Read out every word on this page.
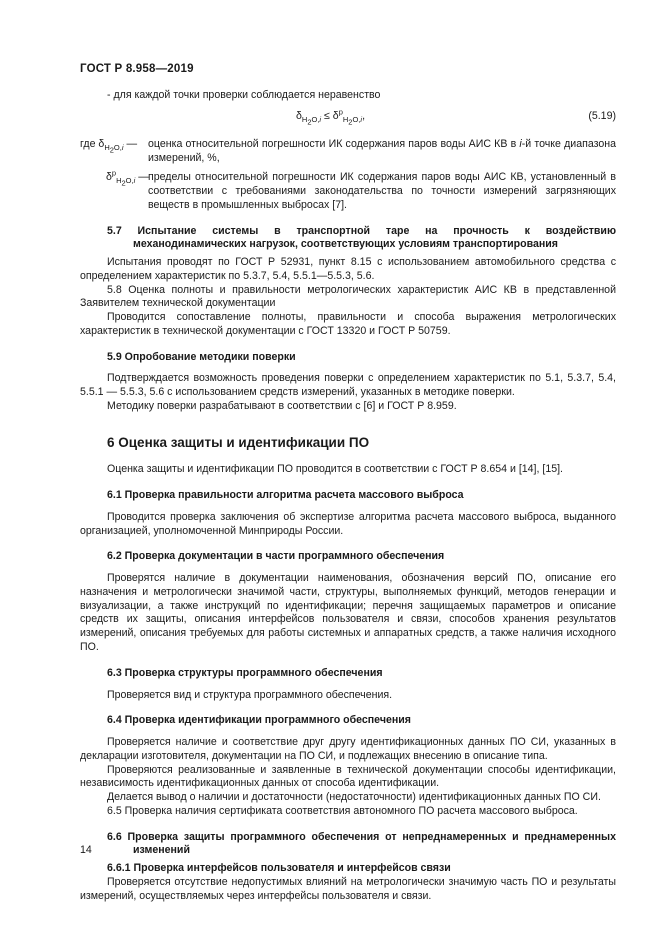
ГОСТ Р 8.958—2019

- для каждой точки проверки соблюдается неравенство

$\delta_{H_2O,i} \le \delta^p_{H_2O,i}$,	(5.19)
где $\delta_{H_2O,i}$ —	оценка относительной погрешности ИК содержания паров воды АИС КВ в i-й точке диапазона измерений, %,
$\delta^p_{H_2O,i}$ — пределы относительной погрешности ИК содержания паров воды АИС КВ, установленный в соответствии с требованиями законодательства по точности измерений загрязняющих веществ в промышленных выбросах [7].

5.7 Испытание системы в транспортной таре на прочность к воздействию механодинамических нагрузок, соответствующих условиям транспортирования

Испытания проводят по ГОСТ Р 52931, пункт 8.15 с использованием автомобильного средства с определением характеристик по 5.3.7, 5.4, 5.5.1—5.5.3, 5.6.

5.8 Оценка полноты и правильности метрологических характеристик АИС КВ в представленной Заявителем технической документации

Проводится сопоставление полноты, правильности и способа выражения метрологических характеристик в технической документации с ГОСТ 13320 и ГОСТ Р 50759.

5.9 Опробование методики поверки

Подтверждается возможность проведения поверки с определением характеристик по 5.1, 5.3.7, 5.4, 5.5.1 — 5.5.3, 5.6 с использованием средств измерений, указанных в методике поверки.

Методику поверки разрабатывают в соответствии с [6] и ГОСТ Р 8.959.

6 Оценка защиты и идентификации ПО

Оценка защиты и идентификации ПО проводится в соответствии с ГОСТ Р 8.654 и [14], [15].

6.1 Проверка правильности алгоритма расчета массового выброса

Проводится проверка заключения об экспертизе алгоритма расчета массового выброса, выданного организацией, уполномоченной Минприроды России.

6.2 Проверка документации в части программного обеспечения

Проверятся наличие в документации наименования, обозначения версий ПО, описание его назначения и метрологически значимой части, структуры, выполняемых функций, методов генерации и визуализации, а также инструкций по идентификации; перечня защищаемых параметров и описание средств их защиты, описания интерфейсов пользователя и связи, способов хранения результатов измерений, описания требуемых для работы системных и аппаратных средств, а также наличия исходного ПО.

6.3 Проверка структуры программного обеспечения

Проверяется вид и структура программного обеспечения.

6.4 Проверка идентификации программного обеспечения

Проверяется наличие и соответствие друг другу идентификационных данных ПО СИ, указанных в декларации изготовителя, документации на ПО СИ, и подлежащих внесению в описание типа.

Проверяются реализованные и заявленные в технической документации способы идентификации, независимость идентификационных данных от способа идентификации.

Делается вывод о наличии и достаточности (недостаточности) идентификационных данных ПО СИ.

6.5 Проверка наличия сертификата соответствия автономного ПО расчета массового выброса.

6.6 Проверка защиты программного обеспечения от непреднамеренных и преднамеренных изменений

6.6.1 Проверка интерфейсов пользователя и интерфейсов связи

Проверяется отсутствие недопустимых влияний на метрологически значимую часть ПО и результаты измерений, осуществляемых через интерфейсы пользователя и связи.

14
